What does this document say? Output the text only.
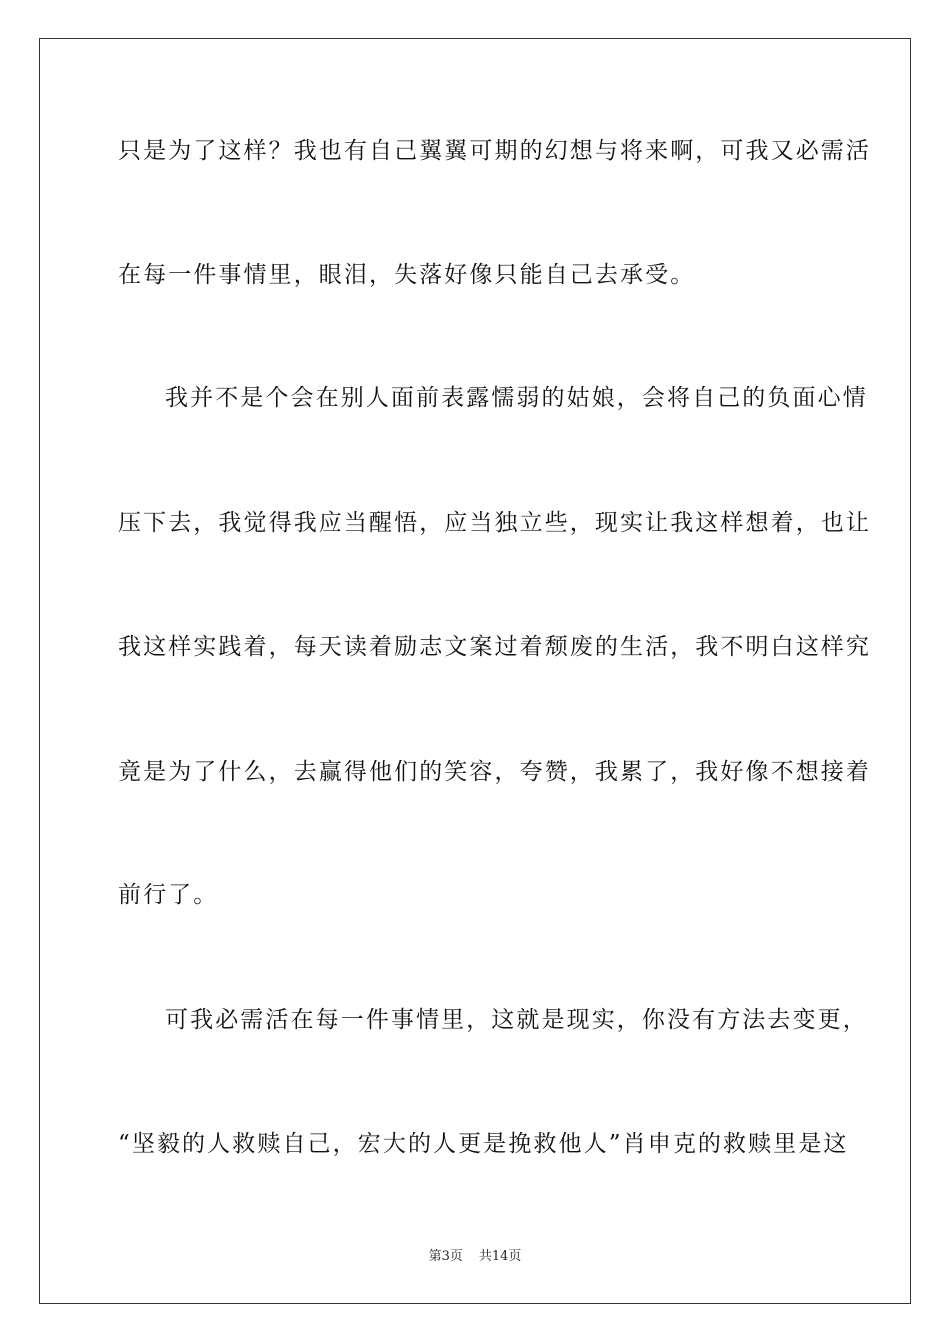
只是为了这样？我也有自己翼翼可期的幻想与将来啊，可我又必需活
在每一件事情里，眼泪，失落好像只能自己去承受。
我并不是个会在别人面前表露懦弱的姑娘，会将自己的负面心情
压下去，我觉得我应当醒悟，应当独立些，现实让我这样想着，也让
我这样实践着，每天读着励志文案过着颓废的生活，我不明白这样究
竟是为了什么，去赢得他们的笑容，夸赞，我累了，我好像不想接着
前行了。
可我必需活在每一件事情里，这就是现实，你没有方法去变更，
“坚毅的人救赎自己，宏大的人更是挽救他人”肖申克的救赎里是这
第3页 共14页
